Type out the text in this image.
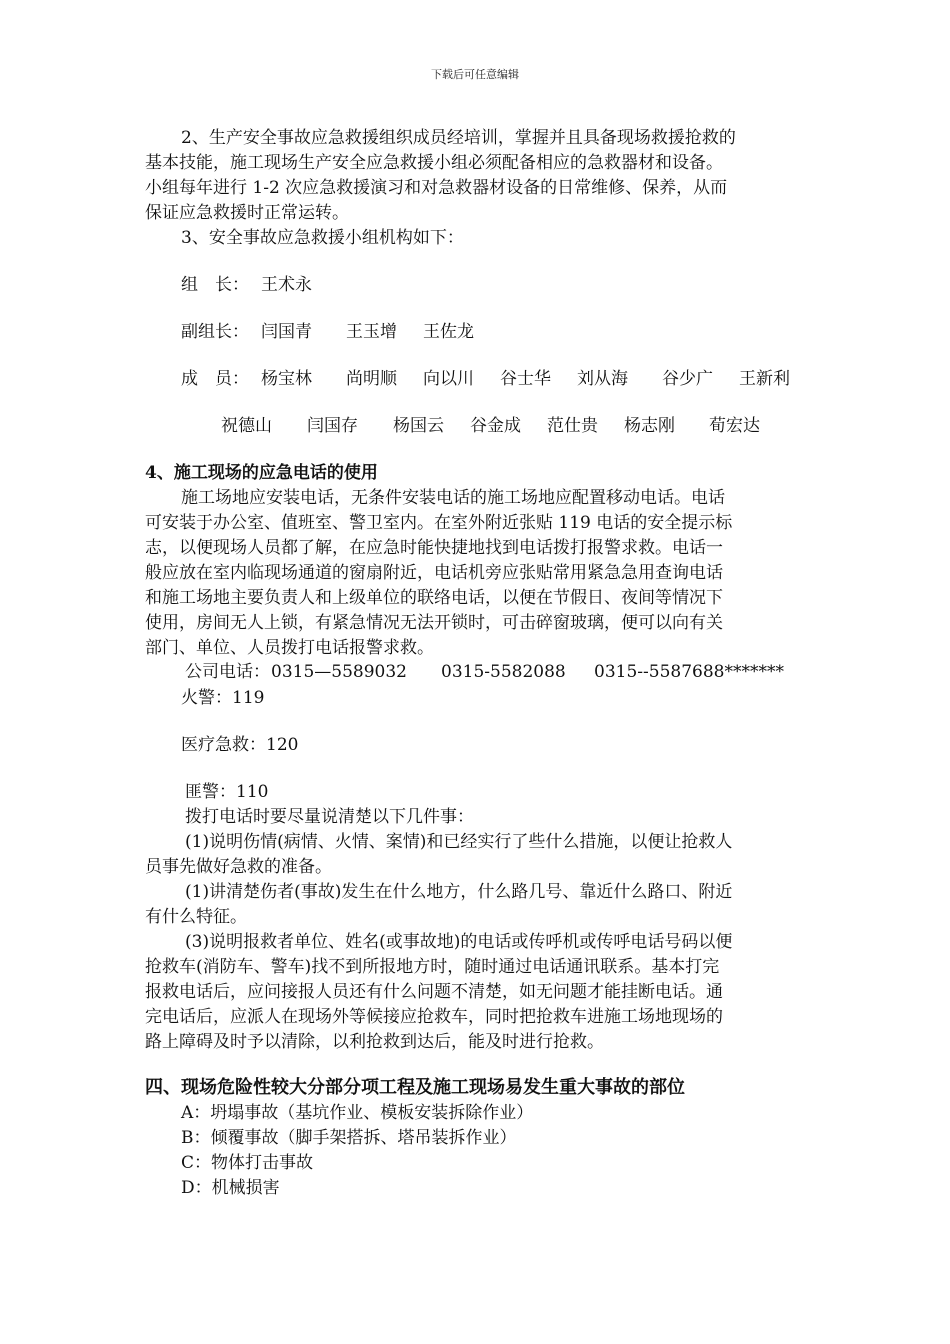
下载后可任意编辑
2、生产安全事故应急救援组织成员经培训，掌握并且具备现场救援抢救的
基本技能，施工现场生产安全应急救援小组必须配备相应的急救器材和设备。
小组每年进行 1-2 次应急救援演习和对急救器材设备的日常维修、保养，从而
保证应急救援时正常运转。
3、安全事故应急救援小组机构如下：
组　长： 王术永
副组长： 闫国青 王玉增 王佐龙
成　员： 杨宝林 尚明顺 向以川 谷士华 刘从海 谷少广 王新利
祝德山 闫国存 杨国云 谷金成 范仕贵 杨志刚 荀宏达
4、施工现场的应急电话的使用
施工场地应安装电话，无条件安装电话的施工场地应配置移动电话。电话
可安装于办公室、值班室、警卫室内。在室外附近张贴 119 电话的安全提示标
志，以便现场人员都了解，在应急时能快捷地找到电话拨打报警求救。电话一
般应放在室内临现场通道的窗扇附近，电话机旁应张贴常用紧急急用查询电话
和施工场地主要负责人和上级单位的联络电话，以便在节假日、夜间等情况下
使用，房间无人上锁，有紧急情况无法开锁时，可击碎窗玻璃，便可以向有关
部门、单位、人员拨打电话报警求救。
公司电话： 0315—5589032 0315-5582088 0315--5587688*******
火警：119
医疗急救：120
匪警：110
拨打电话时要尽量说清楚以下几件事：
(1)说明伤情(病情、火情、案情)和已经实行了些什么措施，以便让抢救人
员事先做好急救的准备。
(1)讲清楚伤者(事故)发生在什么地方，什么路几号、靠近什么路口、附近
有什么特征。
(3)说明报救者单位、姓名(或事故地)的电话或传呼机或传呼电话号码以便
抢救车(消防车、警车)找不到所报地方时，随时通过电话通讯联系。基本打完
报救电话后，应问接报人员还有什么问题不清楚，如无问题才能挂断电话。通
完电话后，应派人在现场外等候接应抢救车，同时把抢救车进施工场地现场的
路上障碍及时予以清除，以利抢救到达后，能及时进行抢救。
四、现场危险性较大分部分项工程及施工现场易发生重大事故的部位
A：坍塌事故（基坑作业、模板安装拆除作业）
B：倾覆事故（脚手架搭拆、塔吊装拆作业）
C：物体打击事故
D：机械损害
